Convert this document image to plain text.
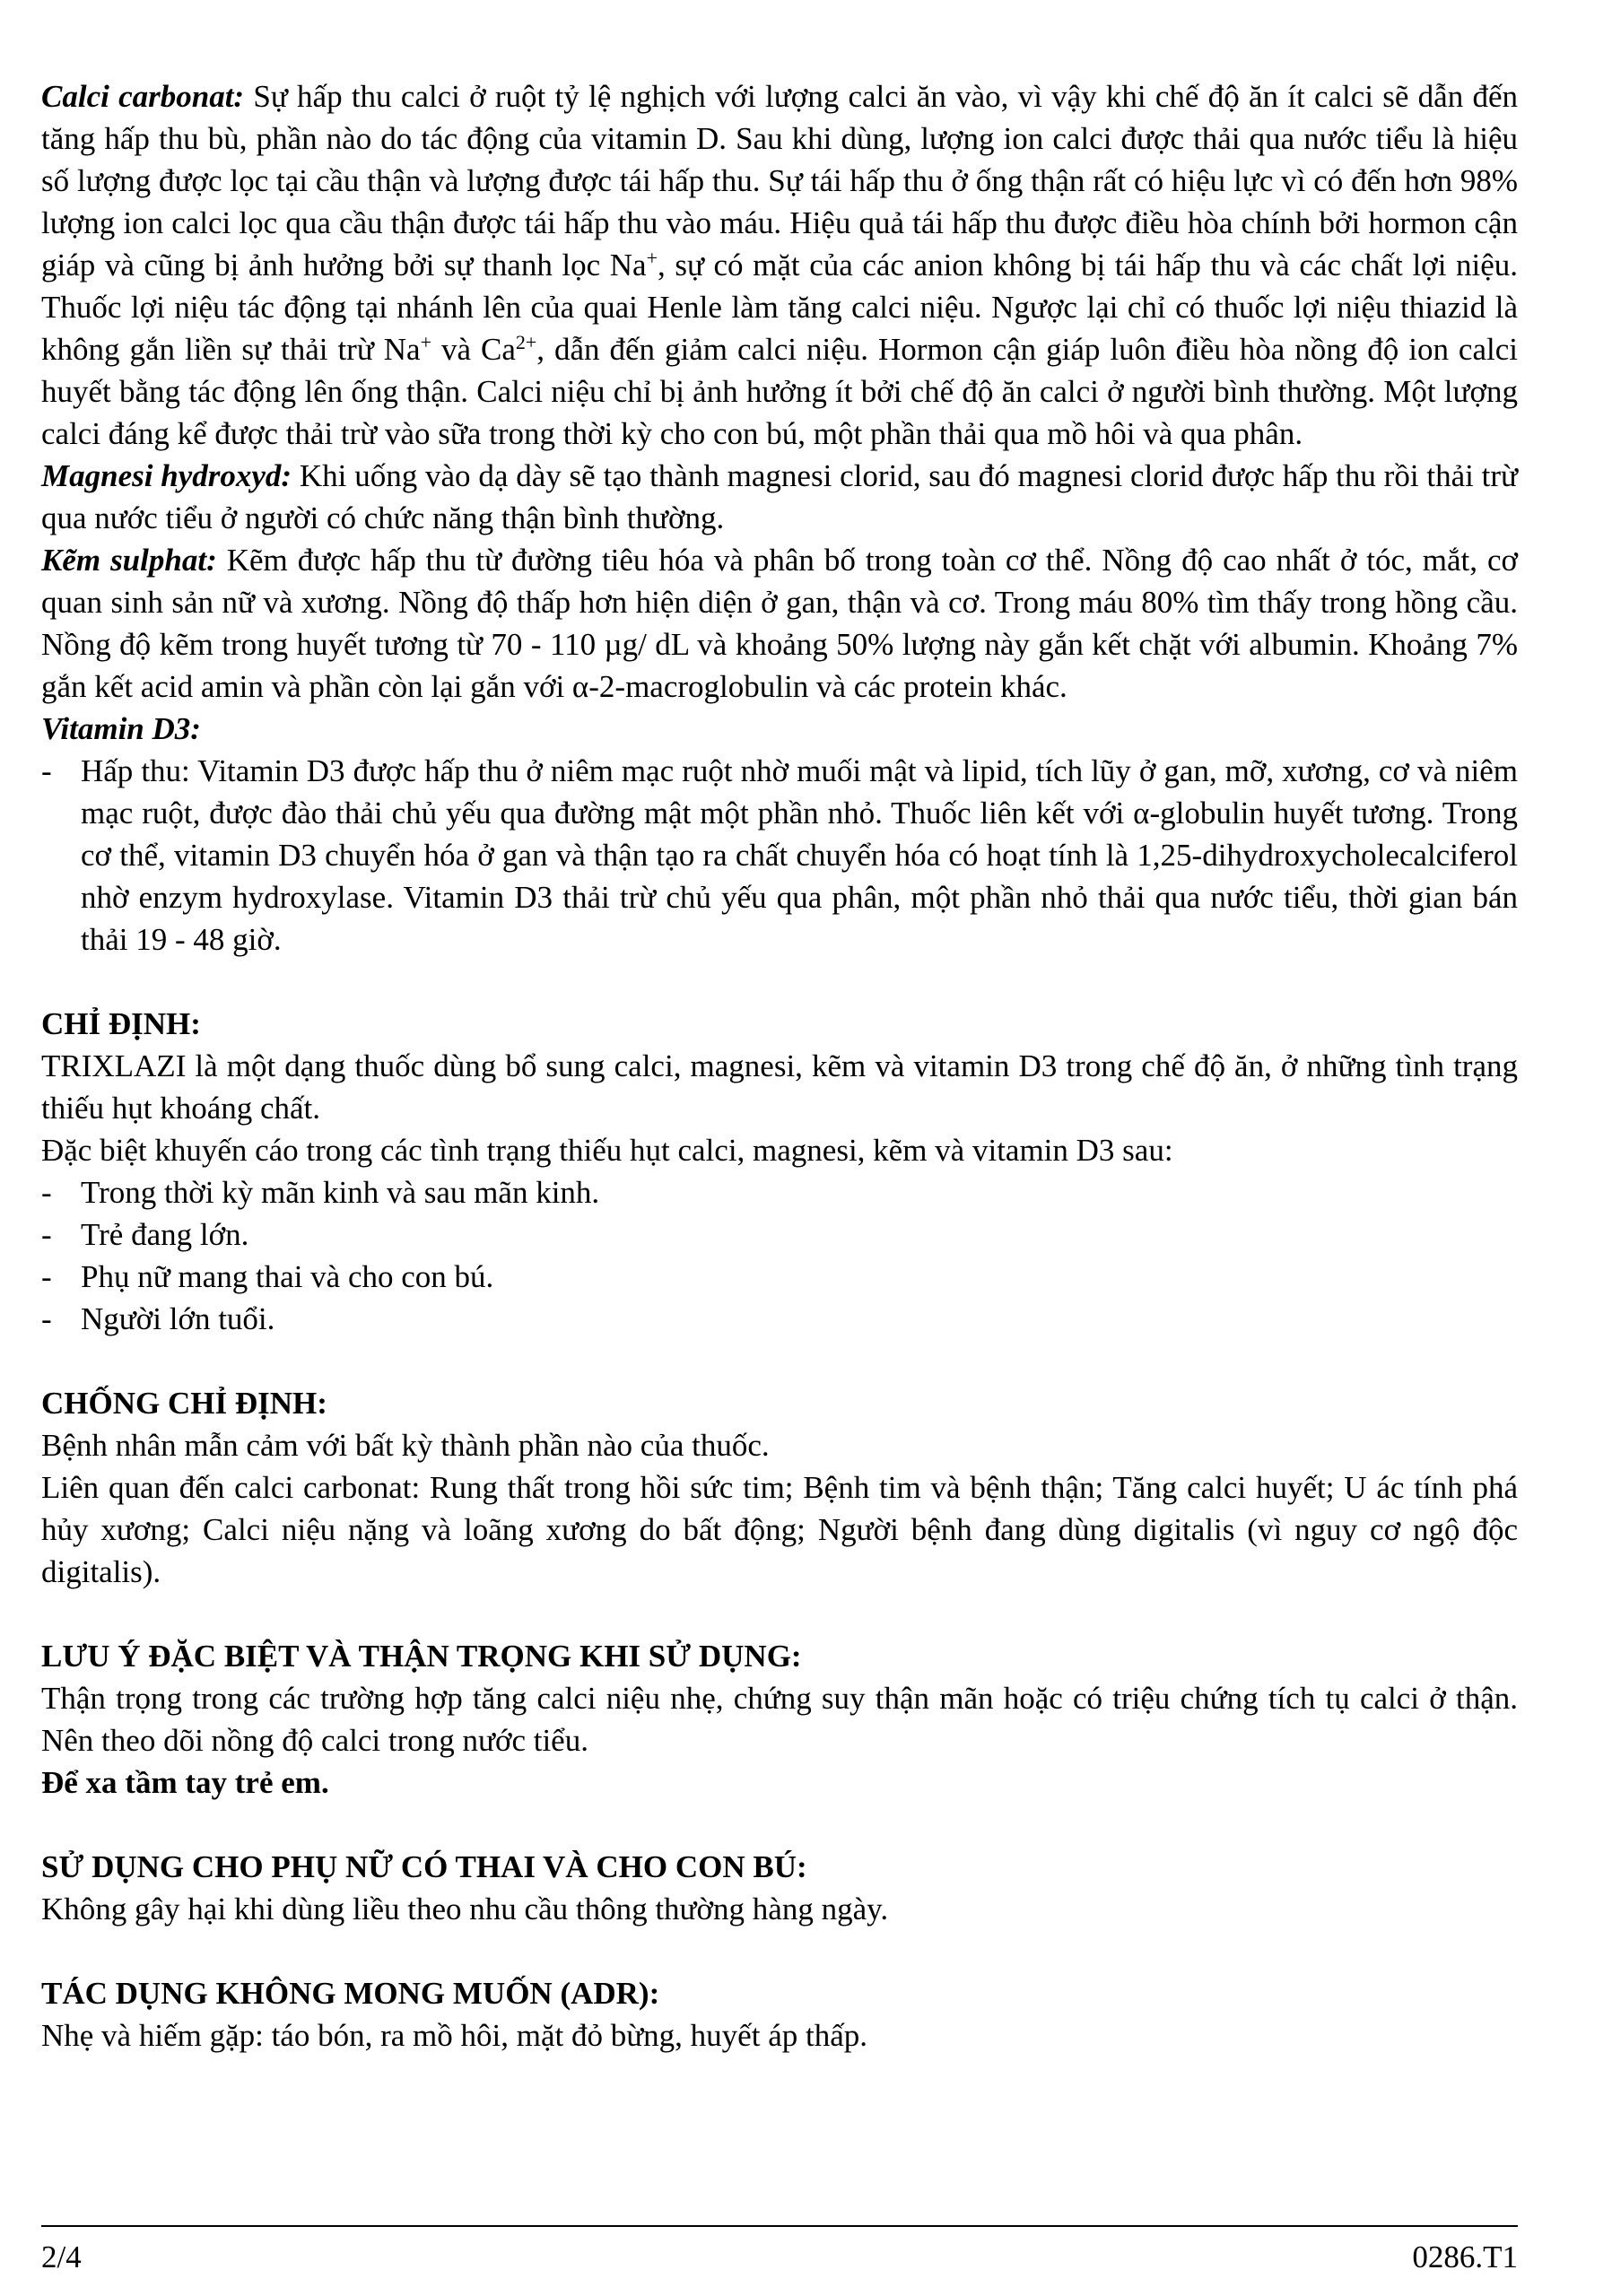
Calci carbonat: Sự hấp thu calci ở ruột tỷ lệ nghịch với lượng calci ăn vào, vì vậy khi chế độ ăn ít calci sẽ dẫn đến tăng hấp thu bù, phần nào do tác động của vitamin D. Sau khi dùng, lượng ion calci được thải qua nước tiểu là hiệu số lượng được lọc tại cầu thận và lượng được tái hấp thu. Sự tái hấp thu ở ống thận rất có hiệu lực vì có đến hơn 98% lượng ion calci lọc qua cầu thận được tái hấp thu vào máu. Hiệu quả tái hấp thu được điều hòa chính bởi hormon cận giáp và cũng bị ảnh hưởng bởi sự thanh lọc Na+, sự có mặt của các anion không bị tái hấp thu và các chất lợi niệu. Thuốc lợi niệu tác động tại nhánh lên của quai Henle làm tăng calci niệu. Ngược lại chỉ có thuốc lợi niệu thiazid là không gắn liền sự thải trừ Na+ và $Ca^{2+}$, dẫn đến giảm calci niệu. Hormon cận giáp luôn điều hòa nồng độ ion calci huyết bằng tác động lên ống thận. Calci niệu chỉ bị ảnh hưởng ít bởi chế độ ăn calci ở người bình thường. Một lượng calci đáng kể được thải trừ vào sữa trong thời kỳ cho con bú, một phần thải qua mồ hôi và qua phân.

Magnesi hydroxyd: Khi uống vào dạ dày sẽ tạo thành magnesi clorid, sau đó magnesi clorid được hấp thu rồi thải trừ qua nước tiểu ở người có chức năng thận bình thường.

Kẽm sulphat: Kẽm được hấp thu từ đường tiêu hóa và phân bố trong toàn cơ thể. Nồng độ cao nhất ở tóc, mắt, cơ quan sinh sản nữ và xương. Nồng độ thấp hơn hiện diện ở gan, thận và cơ. Trong máu 80% tìm thấy trong hồng cầu. Nồng độ kẽm trong huyết tương từ 70 - 110 µg/ dL và khoảng 50% lượng này gắn kết chặt với albumin. Khoảng 7% gắn kết acid amin và phần còn lại gắn với α-2-macroglobulin và các protein khác.

Vitamin D3:

- Hấp thu: Vitamin D3 được hấp thu ở niêm mạc ruột nhờ muối mật và lipid, tích lũy ở gan, mỡ, xương, cơ và niêm mạc ruột, được đào thải chủ yếu qua đường mật một phần nhỏ. Thuốc liên kết với α-globulin huyết tương. Trong cơ thể, vitamin D3 chuyển hóa ở gan và thận tạo ra chất chuyển hóa có hoạt tính là 1,25-dihydroxycholecalciferol nhờ enzym hydroxylase. Vitamin D3 thải trừ chủ yếu qua phân, một phần nhỏ thải qua nước tiểu, thời gian bán thải 19 - 48 giờ.

CHỈ ĐỊNH:

TRIXLAZI là một dạng thuốc dùng bổ sung calci, magnesi, kẽm và vitamin D3 trong chế độ ăn, ở những tình trạng thiếu hụt khoáng chất.

Đặc biệt khuyến cáo trong các tình trạng thiếu hụt calci, magnesi, kẽm và vitamin D3 sau:

- Trong thời kỳ mãn kinh và sau mãn kinh.

- Trẻ đang lớn.

- Phụ nữ mang thai và cho con bú.

- Người lớn tuổi.

CHỐNG CHỈ ĐỊNH:

Bệnh nhân mẫn cảm với bất kỳ thành phần nào của thuốc.

Liên quan đến calci carbonat: Rung thất trong hồi sức tim; Bệnh tim và bệnh thận; Tăng calci huyết; U ác tính phá hủy xương; Calci niệu nặng và loãng xương do bất động; Người bệnh đang dùng digitalis (vì nguy cơ ngộ độc digitalis).

LƯU Ý ĐẶC BIỆT VÀ THẬN TRỌNG KHI SỬ DỤNG:

Thận trọng trong các trường hợp tăng calci niệu nhẹ, chứng suy thận mãn hoặc có triệu chứng tích tụ calci ở thận. Nên theo dõi nồng độ calci trong nước tiểu.

Để xa tầm tay trẻ em.

SỬ DỤNG CHO PHỤ NỮ CÓ THAI VÀ CHO CON BÚ:

Không gây hại khi dùng liều theo nhu cầu thông thường hàng ngày.

TÁC DỤNG KHÔNG MONG MUỐN (ADR):

Nhẹ và hiếm gặp: táo bón, ra mồ hôi, mặt đỏ bừng, huyết áp thấp.

2/4	0286.T1
